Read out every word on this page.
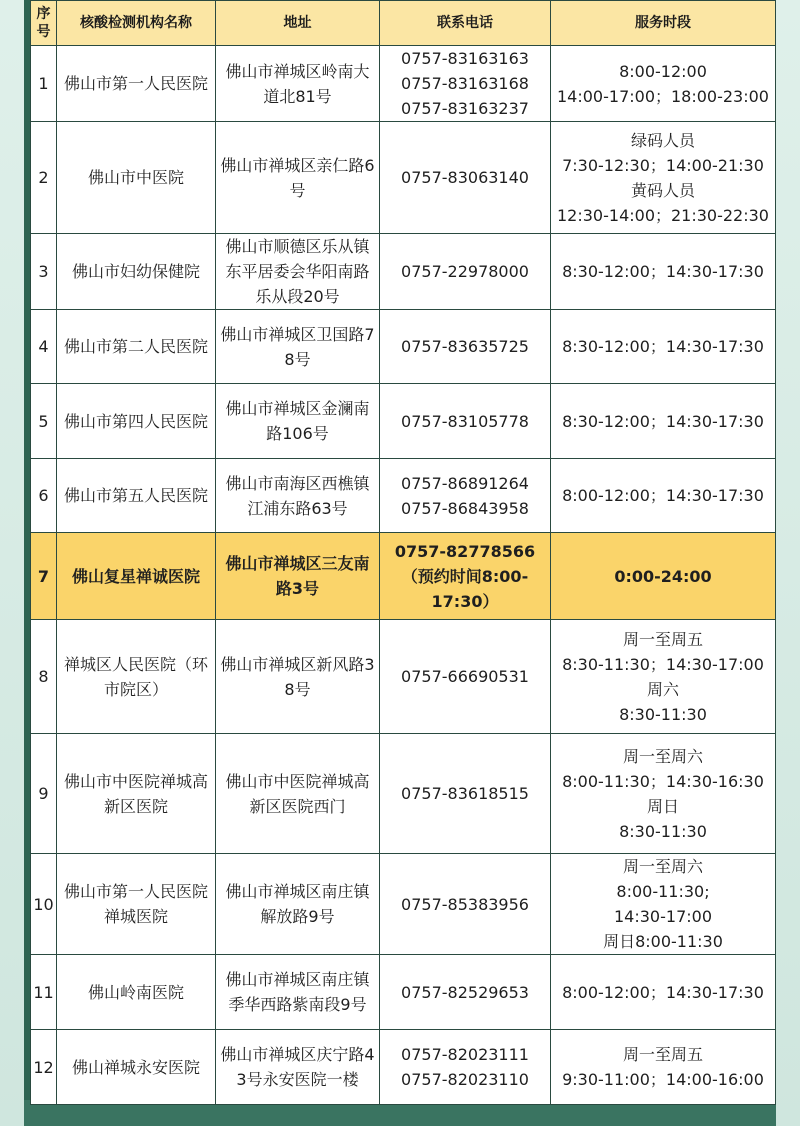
序号	核酸检测机构名称	地址	联系电话	服务时段
1	佛山市第一人民医院	佛山市禅城区岭南大道北81号	0757-83163163
0757-83163168
0757-83163237	8:00-12:00
14:00-17:00；18:00-23:00

2	佛山市中医院	佛山市禅城区亲仁路6号	0757-83063140	绿码人员
7:30-12:30；14:00-21:30
黄码人员
12:30-14:00；21:30-22:30

3	佛山市妇幼保健院	佛山市顺德区乐从镇东平居委会华阳南路乐从段20号	0757-22978000	8:30-12:00；14:30-17:30

4	佛山市第二人民医院	佛山市禅城区卫国路78号	0757-83635725	8:30-12:00；14:30-17:30

5	佛山市第四人民医院	佛山市禅城区金澜南路106号	0757-83105778	8:30-12:00；14:30-17:30

6	佛山市第五人民医院	佛山市南海区西樵镇江浦东路63号	0757-86891264
0757-86843958	8:00-12:00；14:30-17:30

7	佛山复星禅诚医院	佛山市禅城区三友南路3号	0757-82778566
（预约时间8:00-
17:30）	0:00-24:00

8	禅城区人民医院（环市院区）	佛山市禅城区新风路38号	0757-66690531	周一至周五
8:30-11:30；14:30-17:00
周六
8:30-11:30

9	佛山市中医院禅城高新区医院	佛山市中医院禅城高新区医院西门	0757-83618515	周一至周六
8:00-11:30；14:30-16:30
周日
8:30-11:30

10	佛山市第一人民医院禅城医院	佛山市禅城区南庄镇解放路9号	0757-85383956	周一至周六
8:00-11:30;
14:30-17:00
周日8:00-11:30

11	佛山岭南医院	佛山市禅城区南庄镇季华西路紫南段9号	0757-82529653	8:00-12:00；14:30-17:30

12	佛山禅城永安医院	佛山市禅城区庆宁路43号永安医院一楼	0757-82023111
0757-82023110	周一至周五
9:30-11:00；14:00-16:00
